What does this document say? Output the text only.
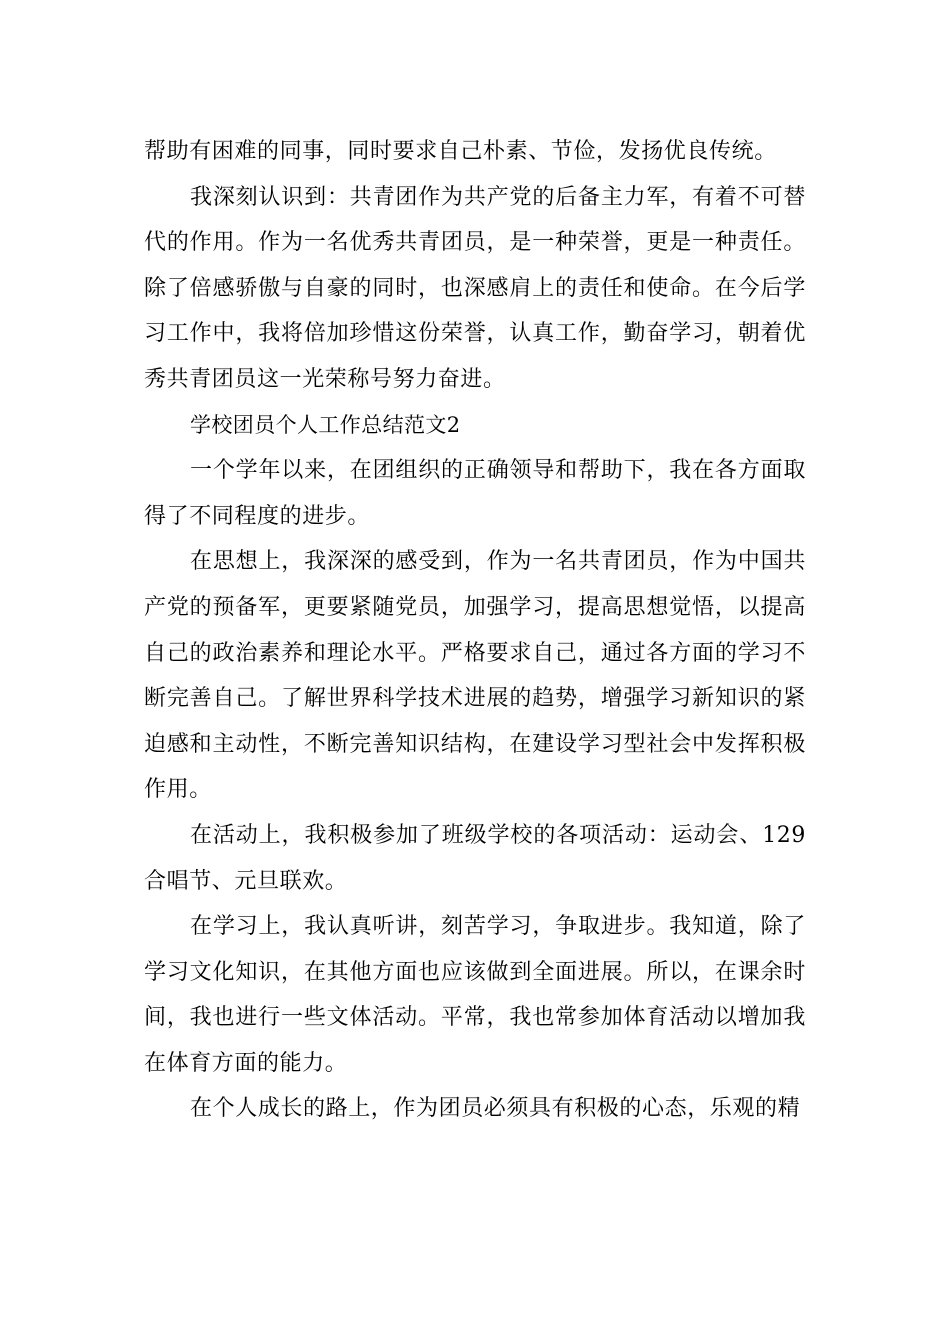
帮助有困难的同事，同时要求自己朴素、节俭，发扬优良传统。

我深刻认识到：共青团作为共产党的后备主力军，有着不可替代的作用。作为一名优秀共青团员，是一种荣誉，更是一种责任。除了倍感骄傲与自豪的同时，也深感肩上的责任和使命。在今后学习工作中，我将倍加珍惜这份荣誉，认真工作，勤奋学习，朝着优秀共青团员这一光荣称号努力奋进。

学校团员个人工作总结范文2

一个学年以来，在团组织的正确领导和帮助下，我在各方面取得了不同程度的进步。

在思想上，我深深的感受到，作为一名共青团员，作为中国共产党的预备军，更要紧随党员，加强学习，提高思想觉悟，以提高自己的政治素养和理论水平。严格要求自己，通过各方面的学习不断完善自己。了解世界科学技术进展的趋势，增强学习新知识的紧迫感和主动性，不断完善知识结构，在建设学习型社会中发挥积极作用。

在活动上，我积极参加了班级学校的各项活动：运动会、129合唱节、元旦联欢。

在学习上，我认真听讲，刻苦学习，争取进步。我知道，除了学习文化知识，在其他方面也应该做到全面进展。所以，在课余时间，我也进行一些文体活动。平常，我也常参加体育活动以增加我在体育方面的能力。

在个人成长的路上，作为团员必须具有积极的心态，乐观的精
